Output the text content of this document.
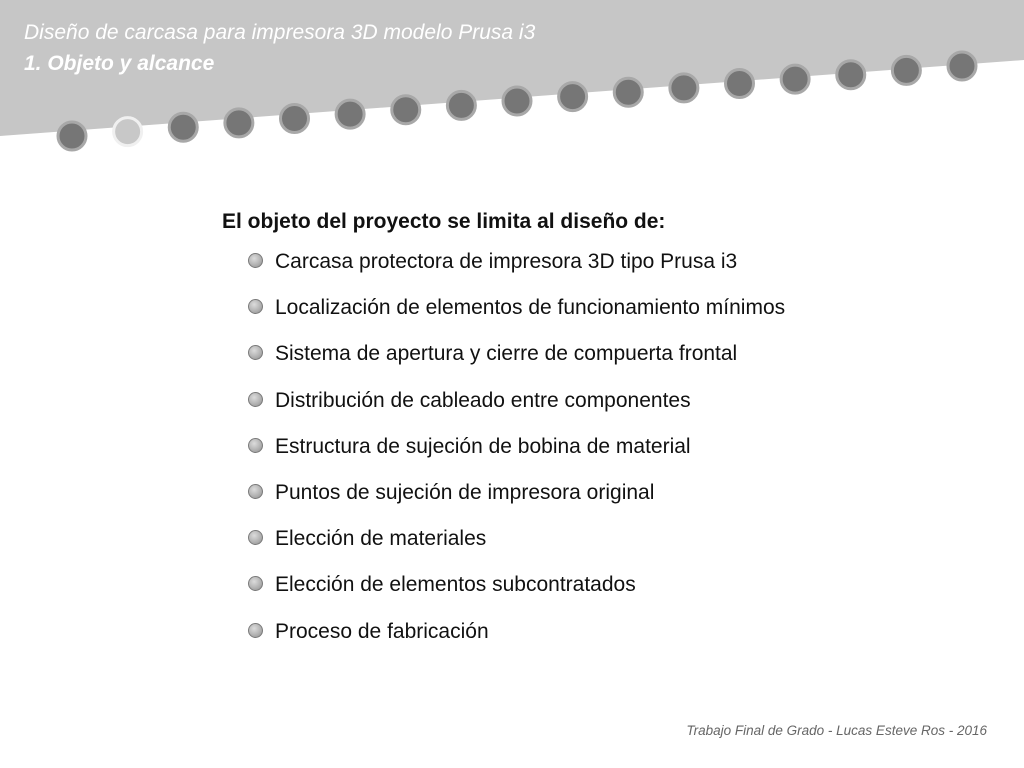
Diseño de carcasa para impresora 3D modelo Prusa i3
1. Objeto y alcance

El objeto del proyecto se limita al diseño de:

Carcasa protectora de impresora 3D tipo Prusa i3
Localización de elementos de funcionamiento mínimos
Sistema de apertura y cierre de compuerta frontal
Distribución de cableado entre componentes
Estructura de sujeción de bobina de material
Puntos de sujeción de impresora original
Elección de materiales
Elección de elementos subcontratados
Proceso de fabricación
Trabajo Final de Grado - Lucas Esteve Ros - 2016
